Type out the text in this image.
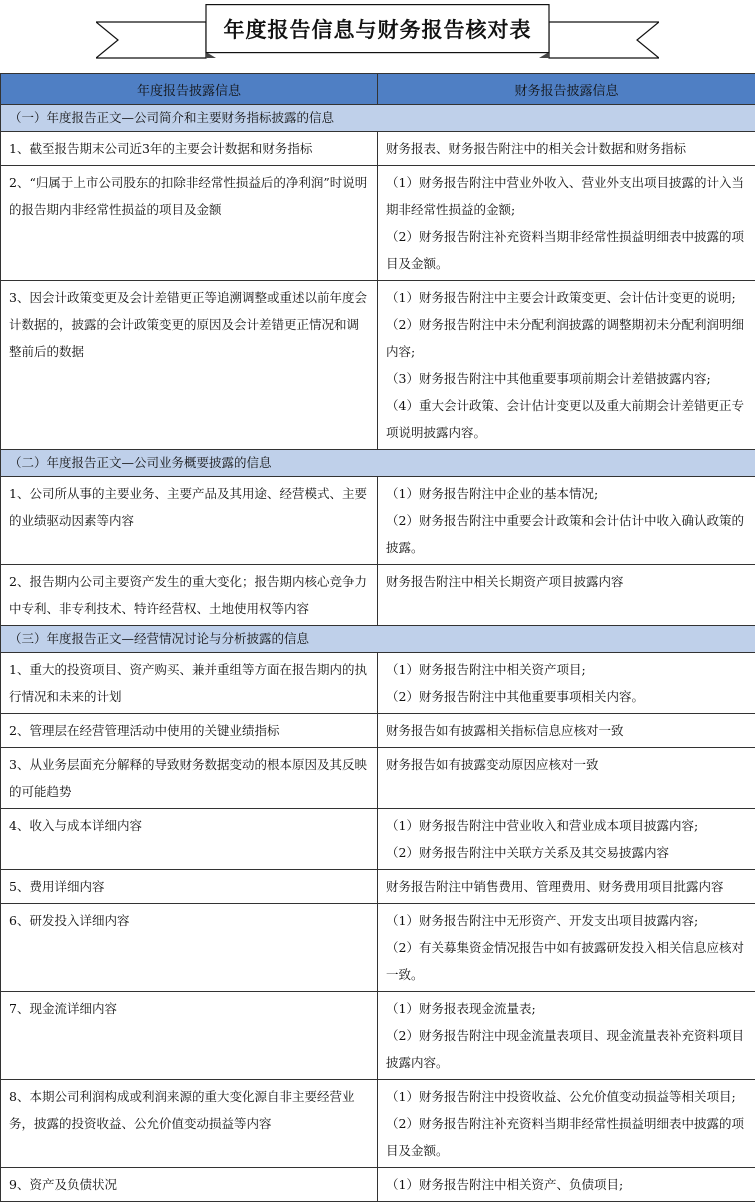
年度报告信息与财务报告核对表
年度报告披露信息	财务报告披露信息
（一）年度报告正文—公司简介和主要财务指标披露的信息	
1、截至报告期末公司近3年的主要会计数据和财务指标	财务报表、财务报告附注中的相关会计数据和财务指标

2、“归属于上市公司股东的扣除非经常性损益后的净利润”时说明的报告期内非经常性损益的项目及金额	（1）财务报告附注中营业外收入、营业外支出项目披露的计入当期非经常性损益的金额;
（2）财务报告附注补充资料当期非经常性损益明细表中披露的项目及金额。

3、因会计政策变更及会计差错更正等追溯调整或重述以前年度会计数据的，披露的会计政策变更的原因及会计差错更正情况和调整前后的数据	（1）财务报告附注中主要会计政策变更、会计估计变更的说明;
（2）财务报告附注中未分配利润披露的调整期初未分配利润明细内容;
（3）财务报告附注中其他重要事项前期会计差错披露内容;
（4）重大会计政策、会计估计变更以及重大前期会计差错更正专项说明披露内容。

（二）年度报告正文—公司业务概要披露的信息	
1、公司所从事的主要业务、主要产品及其用途、经营模式、主要的业绩驱动因素等内容	（1）财务报告附注中企业的基本情况;
（2）财务报告附注中重要会计政策和会计估计中收入确认政策的披露。

2、报告期内公司主要资产发生的重大变化；报告期内核心竞争力中专利、非专利技术、特许经营权、土地使用权等内容	财务报告附注中相关长期资产项目披露内容

（三）年度报告正文—经营情况讨论与分析披露的信息	
1、重大的投资项目、资产购买、兼并重组等方面在报告期内的执行情况和未来的计划	（1）财务报告附注中相关资产项目;
（2）财务报告附注中其他重要事项相关内容。

2、管理层在经营管理活动中使用的关键业绩指标	财务报告如有披露相关指标信息应核对一致

3、从业务层面充分解释的导致财务数据变动的根本原因及其反映的可能趋势	财务报告如有披露变动原因应核对一致

4、收入与成本详细内容	（1）财务报告附注中营业收入和营业成本项目披露内容;
（2）财务报告附注中关联方关系及其交易披露内容

5、费用详细内容	财务报告附注中销售费用、管理费用、财务费用项目批露内容

6、研发投入详细内容	（1）财务报告附注中无形资产、开发支出项目披露内容;
（2）有关募集资金情况报告中如有披露研发投入相关信息应核对一致。

7、现金流详细内容	（1）财务报表现金流量表;
（2）财务报告附注中现金流量表项目、现金流量表补充资料项目披露内容。

8、本期公司利润构成或利润来源的重大变化源自非主要经营业务，披露的投资收益、公允价值变动损益等内容	（1）财务报告附注中投资收益、公允价值变动损益等相关项目;
（2）财务报告附注补充资料当期非经常性损益明细表中披露的项目及金额。

9、资产及负债状况	（1）财务报告附注中相关资产、负债项目;
